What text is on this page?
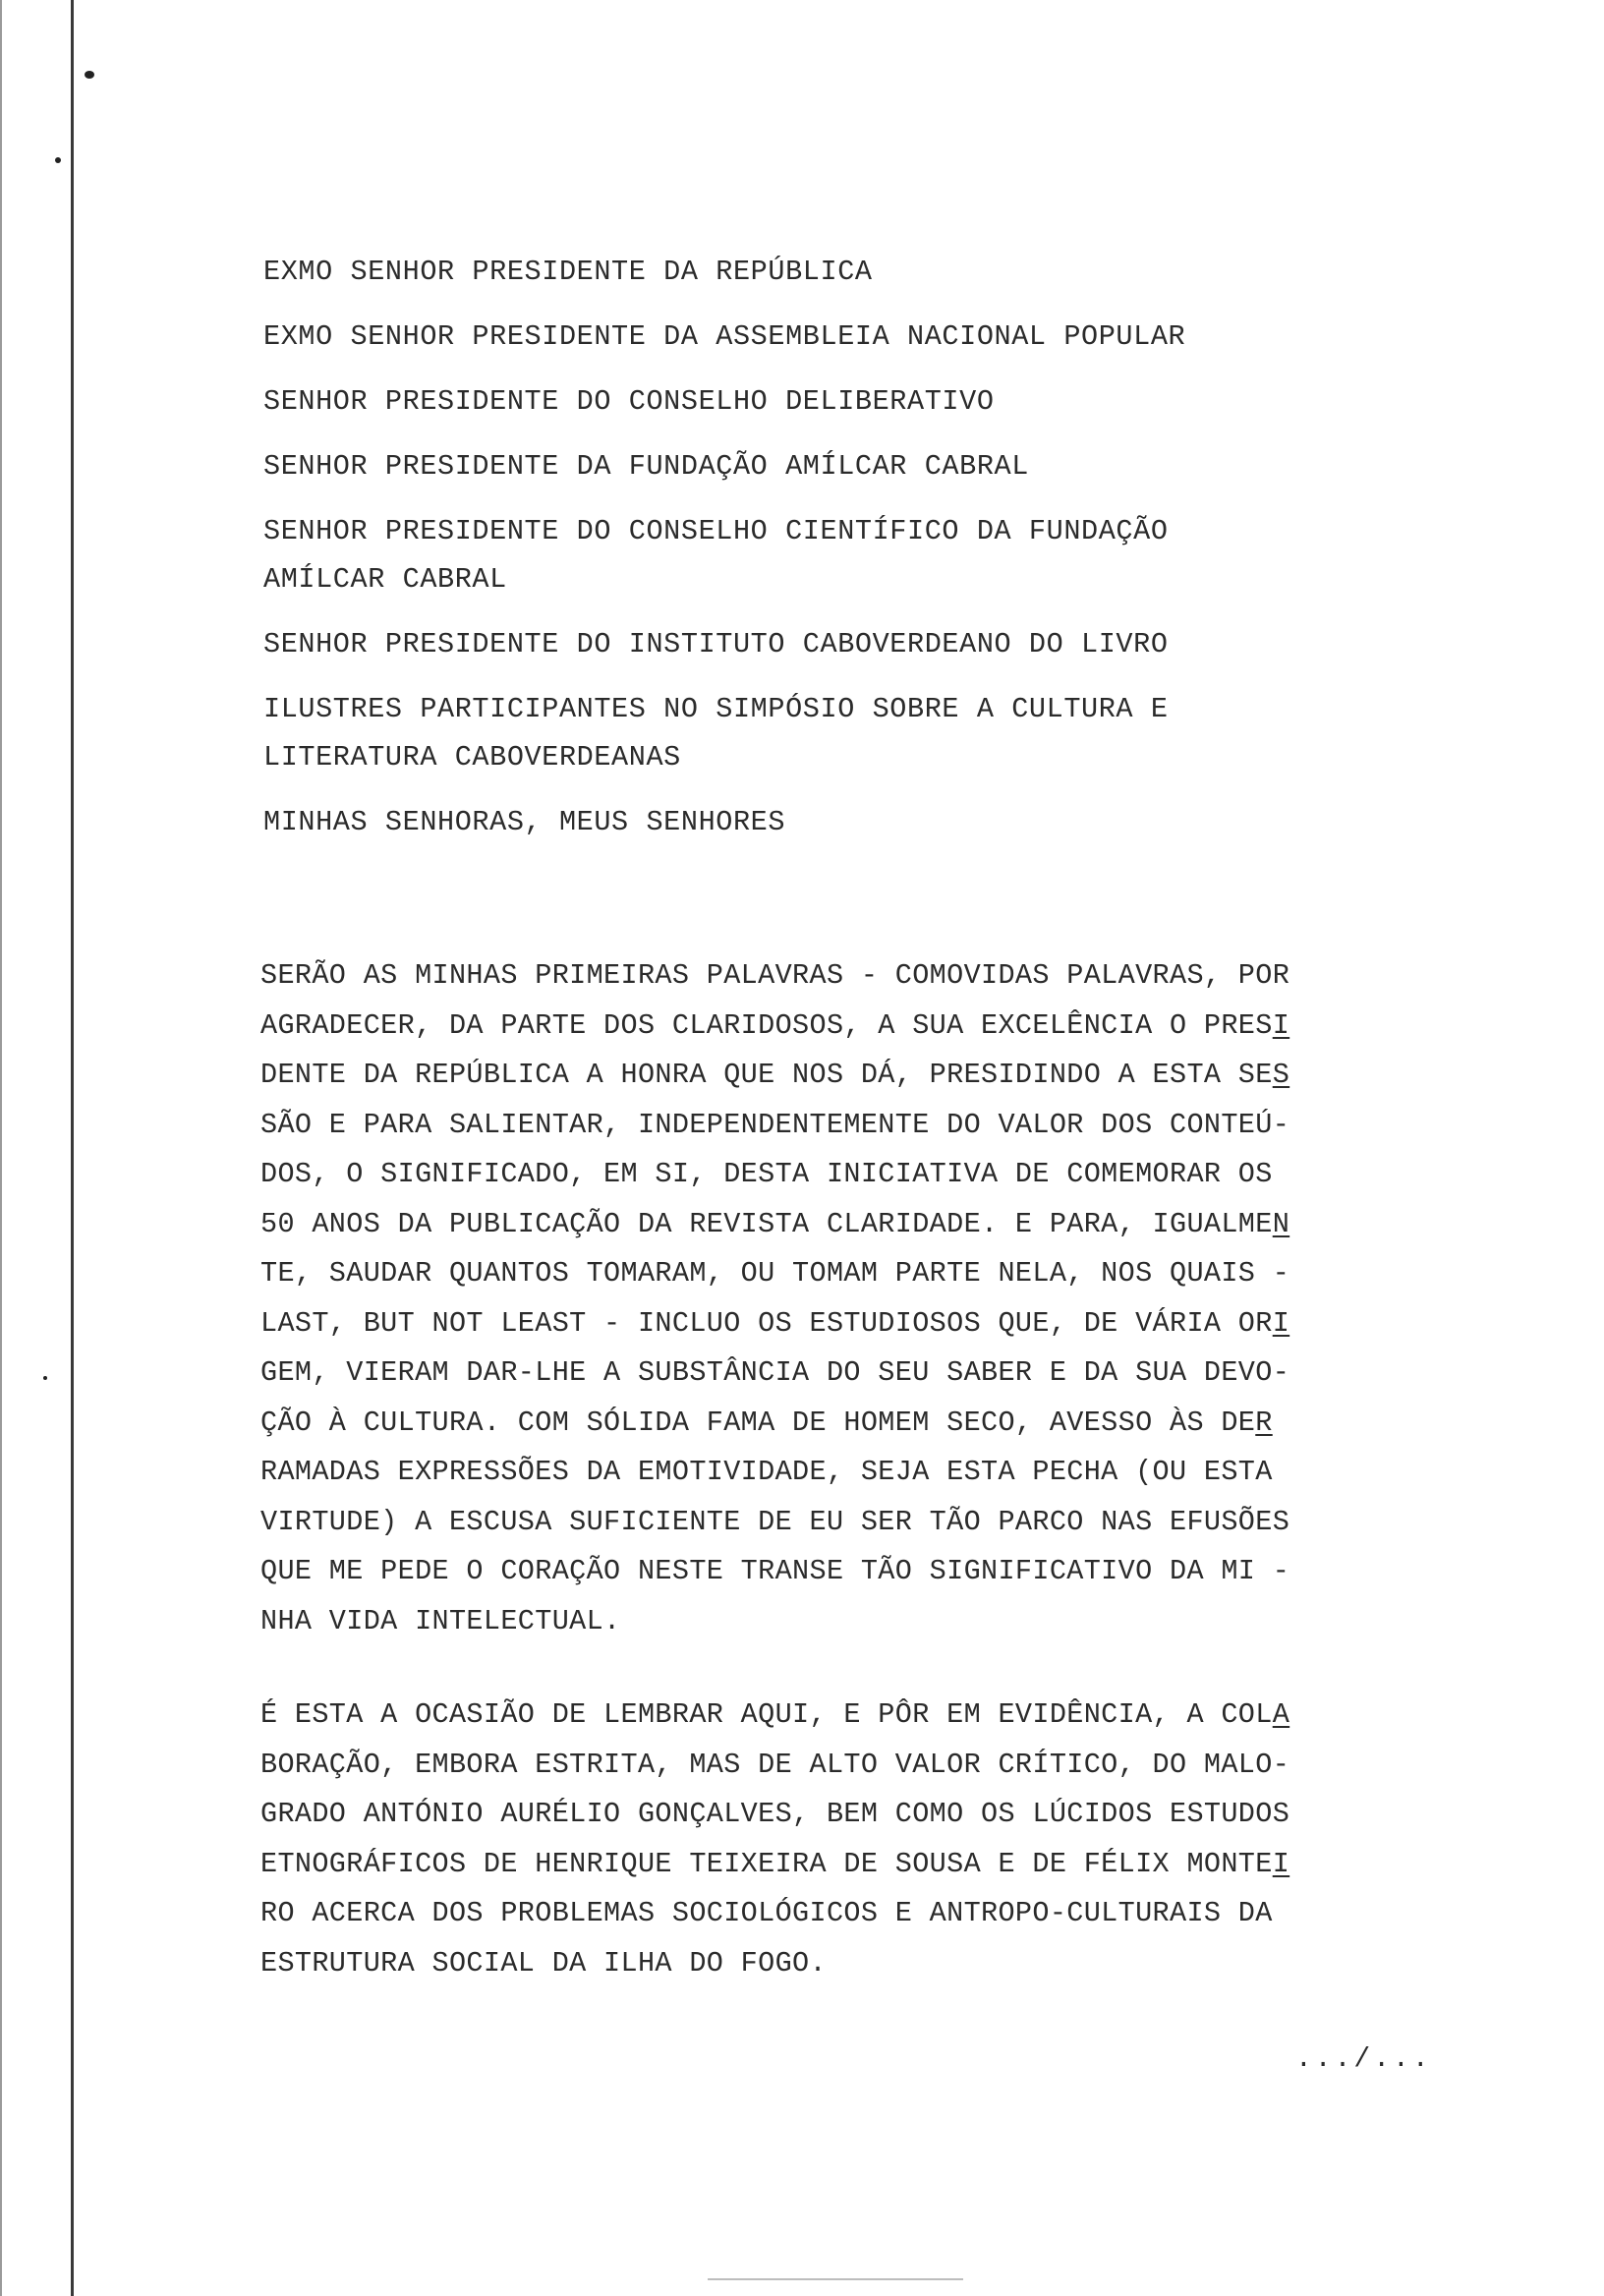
EXMO SENHOR PRESIDENTE DA REPÚBLICA
EXMO SENHOR PRESIDENTE DA ASSEMBLEIA NACIONAL POPULAR
SENHOR PRESIDENTE DO CONSELHO DELIBERATIVO
SENHOR PRESIDENTE DA FUNDAÇÃO AMÍLCAR CABRAL
SENHOR PRESIDENTE DO CONSELHO CIENTÍFICO DA FUNDAÇÃO
AMÍLCAR CABRAL
SENHOR PRESIDENTE DO INSTITUTO CABOVERDEANO DO LIVRO
ILUSTRES PARTICIPANTES NO SIMPÓSIO SOBRE A CULTURA E
LITERATURA CABOVERDEANAS
MINHAS SENHORAS, MEUS SENHORES
SERÃO AS MINHAS PRIMEIRAS PALAVRAS - COMOVIDAS PALAVRAS, POR
AGRADECER, DA PARTE DOS CLARIDOSOS, A SUA EXCELÊNCIA O PRESI
DENTE DA REPÚBLICA A HONRA QUE NOS DÁ, PRESIDINDO A ESTA SES
SÃO E PARA SALIENTAR, INDEPENDENTEMENTE DO VALOR DOS CONTEÚ-
DOS, O SIGNIFICADO, EM SI, DESTA INICIATIVA DE COMEMORAR OS
50 ANOS DA PUBLICAÇÃO DA REVISTA CLARIDADE. E PARA, IGUALMEN
TE, SAUDAR QUANTOS TOMARAM, OU TOMAM PARTE NELA, NOS QUAIS -
LAST, BUT NOT LEAST - INCLUO OS ESTUDIOSOS QUE, DE VÁRIA ORI
GEM, VIERAM DAR-LHE A SUBSTÂNCIA DO SEU SABER E DA SUA DEVO-
ÇÃO À CULTURA. COM SÓLIDA FAMA DE HOMEM SECO, AVESSO ÀS DER
RAMADAS EXPRESSÕES DA EMOTIVIDADE, SEJA ESTA PECHA (OU ESTA
VIRTUDE) A ESCUSA SUFICIENTE DE EU SER TÃO PARCO NAS EFUSÕES
QUE ME PEDE O CORAÇÃO NESTE TRANSE TÃO SIGNIFICATIVO DA MI -
NHA VIDA INTELECTUAL.
É ESTA A OCASIÃO DE LEMBRAR AQUI, E PÔR EM EVIDÊNCIA, A COLA
BORAÇÃO, EMBORA ESTRITA, MAS DE ALTO VALOR CRÍTICO, DO MALO-
GRADO ANTÓNIO AURÉLIO GONÇALVES, BEM COMO OS LÚCIDOS ESTUDOS
ETNOGRÁFICOS DE HENRIQUE TEIXEIRA DE SOUSA E DE FÉLIX MONTEI
RO ACERCA DOS PROBLEMAS SOCIOLÓGICOS E ANTROPO-CULTURAIS DA
ESTRUTURA SOCIAL DA ILHA DO FOGO.
.../...
